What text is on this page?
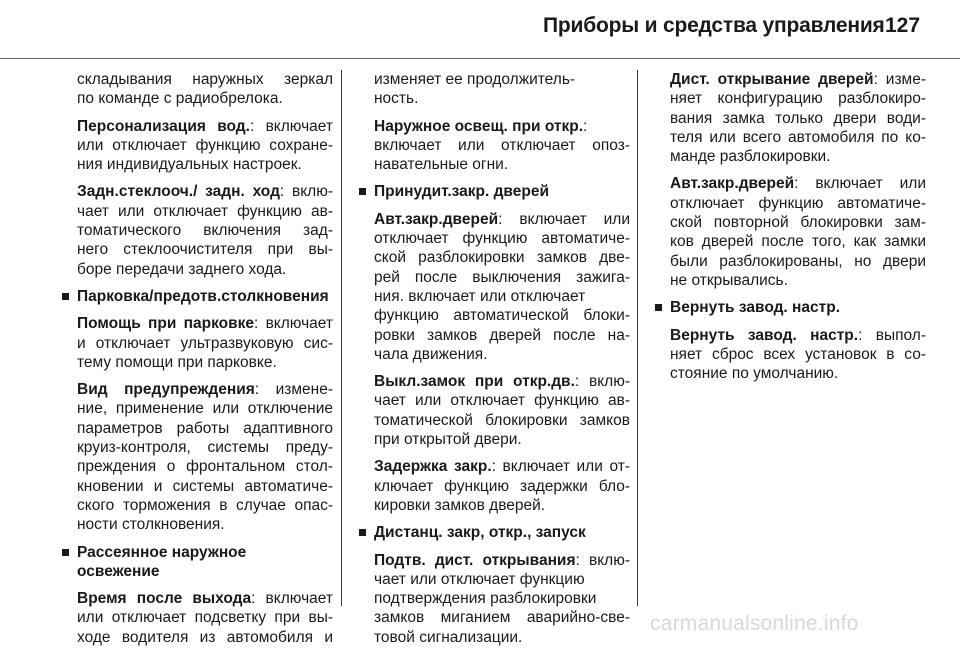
Приборы и средства управления 127
складывания наружных зеркал
по команде с радиобрелока.
Персонализация вод.: включает
или отключает функцию сохране-
ния индивидуальных настроек.
Задн.стеклооч./ задн. ход: вклю-
чает или отключает функцию ав-
томатического включения зад-
него стеклоочистителя при вы-
боре передачи заднего хода.
Парковка/предотв.столкновения
Помощь при парковке: включает
и отключает ультразвуковую сис-
тему помощи при парковке.
Вид предупреждения: измене-
ние, применение или отключение
параметров работы адаптивного
круиз-контроля, системы преду-
преждения о фронтальном стол-
кновении и системы автоматиче-
ского торможения в случае опас-
ности столкновения.
Рассеянное наружное
освежение
Время после выхода: включает
или отключает подсветку при вы-
ходе водителя из автомобиля и
изменяет ее продолжитель-
ность.
Наружное освещ. при откр.:
включает или отключает опоз-
навательные огни.
Принудит.закр. дверей
Авт.закр.дверей: включает или
отключает функцию автоматиче-
ской разблокировки замков две-
рей после выключения зажига-
ния. включает или отключает
функцию автоматической блоки-
ровки замков дверей после на-
чала движения.
Выкл.замок при откр.дв.: вклю-
чает или отключает функцию ав-
томатической блокировки замков
при открытой двери.
Задержка закр.: включает или от-
ключает функцию задержки бло-
кировки замков дверей.
Дистанц. закр, откр., запуск
Подтв. дист. открывания: вклю-
чает или отключает функцию
подтверждения разблокировки
замков миганием аварийно-све-
товой сигнализации.
Дист. открывание дверей: изме-
няет конфигурацию разблокиро-
вания замка только двери води-
теля или всего автомобиля по ко-
манде разблокировки.
Авт.закр.дверей: включает или
отключает функцию автоматиче-
ской повторной блокировки зам-
ков дверей после того, как замки
были разблокированы, но двери
не открывались.
Вернуть завод. настр.
Вернуть завод. настр.: выпол-
няет сброс всех установок в со-
стояние по умолчанию.
carmanualsonline.info
